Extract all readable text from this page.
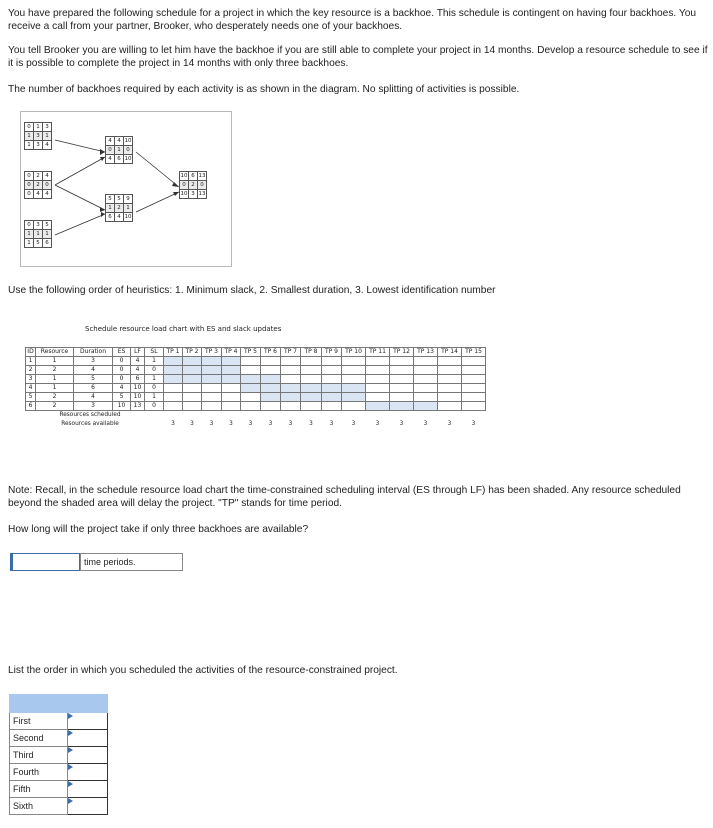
You have prepared the following schedule for a project in which the key resource is a backhoe. This schedule is contingent on having four backhoes. You receive a call from your partner, Brooker, who desperately needs one of your backhoes.
You tell Brooker you are willing to let him have the backhoe if you are still able to complete your project in 14 months. Develop a resource schedule to see if it is possible to complete the project in 14 months with only three backhoes.
The number of backhoes required by each activity is as shown in the diagram. No splitting of activities is possible.
0	1	3
1	3	1
1	3	4
0	2	4
0	2	0
0	4	4
0	3	5
1	1	1
1	5	6
4	4	10
0	1	0
4	6	10
5	5	9
1	2	1
6	4	10
10	6	13
0	2	0
10	3	13
Use the following order of heuristics: 1. Minimum slack, 2. Smallest duration, 3. Lowest identification number
Schedule resource load chart with ES and slack updates
ID	Resource	Duration	ES	LF	SL	TP 1	TP 2	TP 3	TP 4	TP 5	TP 6	TP 7	TP 8	TP 9	TP 10	TP 11	TP 12	TP 13	TP 14	TP 15
1	1	3	0	4	1															
2	2	4	0	4	0															
3	1	5	0	6	1															
4	1	6	4	10	0															
5	2	4	5	10	1															
6	2	3	10	13	0															
	Resources scheduled																			
	Resources available					3	3	3	3	3	3	3	3	3	3	3	3	3	3	3
Note: Recall, in the schedule resource load chart the time-constrained scheduling interval (ES through LF) has been shaded. Any resource scheduled beyond the shaded area will delay the project. "TP" stands for time period.
How long will the project take if only three backhoes are available?
time periods.
List the order in which you scheduled the activities of the resource-constrained project.

First	
Second	
Third	
Fourth	
Fifth	
Sixth	
